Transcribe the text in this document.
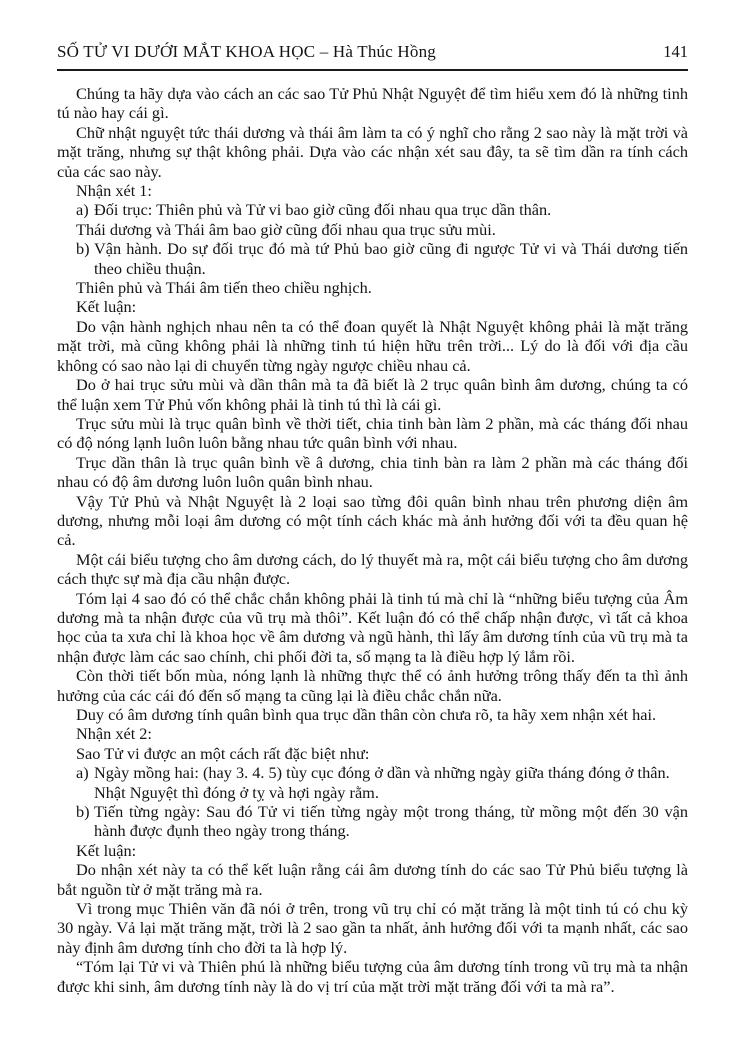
SỐ TỬ VI DƯỚI MẮT KHOA HỌC – Hà Thúc Hồng	141

Chúng ta hãy dựa vào cách an các sao Tử Phủ Nhật Nguyệt để tìm hiểu xem đó là những tinh tú nào hay cái gì.

Chữ nhật nguyệt tức thái dương và thái âm làm ta có ý nghĩ cho rằng 2 sao này là mặt trời và mặt trăng, nhưng sự thật không phải. Dựa vào các nhận xét sau đây, ta sẽ tìm dần ra tính cách của các sao này.

Nhận xét 1:

a) Đối trục: Thiên phủ và Tử vi bao giờ cũng đối nhau qua trục dần thân.

Thái dương và Thái âm bao giờ cũng đối nhau qua trục sửu mùi.

b) Vận hành. Do sự đối trục đó mà tứ Phủ bao giờ cũng đi ngược Tử vi và Thái dương tiến theo chiều thuận.

Thiên phủ và Thái âm tiến theo chiều nghịch.

Kết luận:

Do vận hành nghịch nhau nên ta có thể đoan quyết là Nhật Nguyệt không phải là mặt trăng mặt trời, mà cũng không phải là những tinh tú hiện hữu trên trời... Lý do là đối với địa cầu không có sao nào lại di chuyển từng ngày ngược chiều nhau cả.

Do ở hai trục sửu mùi và dần thân mà ta đã biết là 2 trục quân bình âm dương, chúng ta có thể luận xem Tử Phủ vốn không phải là tinh tú thì là cái gì.

Trục sửu mùi là trục quân bình về thời tiết, chia tinh bàn làm 2 phần, mà các tháng đối nhau có độ nóng lạnh luôn luôn bằng nhau tức quân bình với nhau.

Trục dần thân là trục quân bình về â dương, chia tinh bàn ra làm 2 phần mà các tháng đối nhau có độ âm dương luôn luôn quân bình nhau.

Vậy Tử Phủ và Nhật Nguyệt là 2 loại sao từng đôi quân bình nhau trên phương diện âm dương, nhưng mỗi loại âm dương có một tính cách khác mà ảnh hưởng đối với ta đều quan hệ cả.

Một cái biểu tượng cho âm dương cách, do lý thuyết mà ra, một cái biểu tượng cho âm dương cách thực sự mà địa cầu nhận được.

Tóm lại 4 sao đó có thể chắc chắn không phải là tinh tú mà chỉ là “những biểu tượng của Âm dương mà ta nhận được của vũ trụ mà thôi”. Kết luận đó có thể chấp nhận được, vì tất cả khoa học của ta xưa chỉ là khoa học về âm dương và ngũ hành, thì lấy âm dương tính của vũ trụ mà ta nhận được làm các sao chính, chi phối đời ta, số mạng ta là điều hợp lý lắm rồi.

Còn thời tiết bốn mùa, nóng lạnh là những thực thể có ảnh hưởng trông thấy đến ta thì ảnh hưởng của các cái đó đến số mạng ta cũng lại là điều chắc chắn nữa.

Duy có âm dương tính quân bình qua trục dần thân còn chưa rõ, ta hãy xem nhận xét hai.

Nhận xét 2:

Sao Tử vi được an một cách rất đặc biệt như:

a) Ngày mồng hai: (hay 3. 4. 5) tùy cục đóng ở dần và những ngày giữa tháng đóng ở thân.

Nhật Nguyệt thì đóng ở tỵ và hợi ngày rằm.

b) Tiến từng ngày: Sau đó Tử vi tiến từng ngày một trong tháng, từ mồng một đến 30 vận hành được đụnh theo ngày trong tháng.

Kết luận:

Do nhận xét này ta có thể kết luận rằng cái âm dương tính do các sao Tử Phủ biểu tượng là bắt nguồn từ ở mặt trăng mà ra.

Vì trong mục Thiên văn đã nói ở trên, trong vũ trụ chỉ có mặt trăng là một tinh tú có chu kỳ 30 ngày. Vả lại mặt trăng mặt, trời là 2 sao gần ta nhất, ảnh hưởng đối với ta mạnh nhất, các sao này định âm dương tính cho đời ta là hợp lý.

“Tóm lại Tử vi và Thiên phú là những biểu tượng của âm dương tính trong vũ trụ mà ta nhận được khi sinh, âm dương tính này là do vị trí của mặt trời mặt trăng đối với ta mà ra”.
